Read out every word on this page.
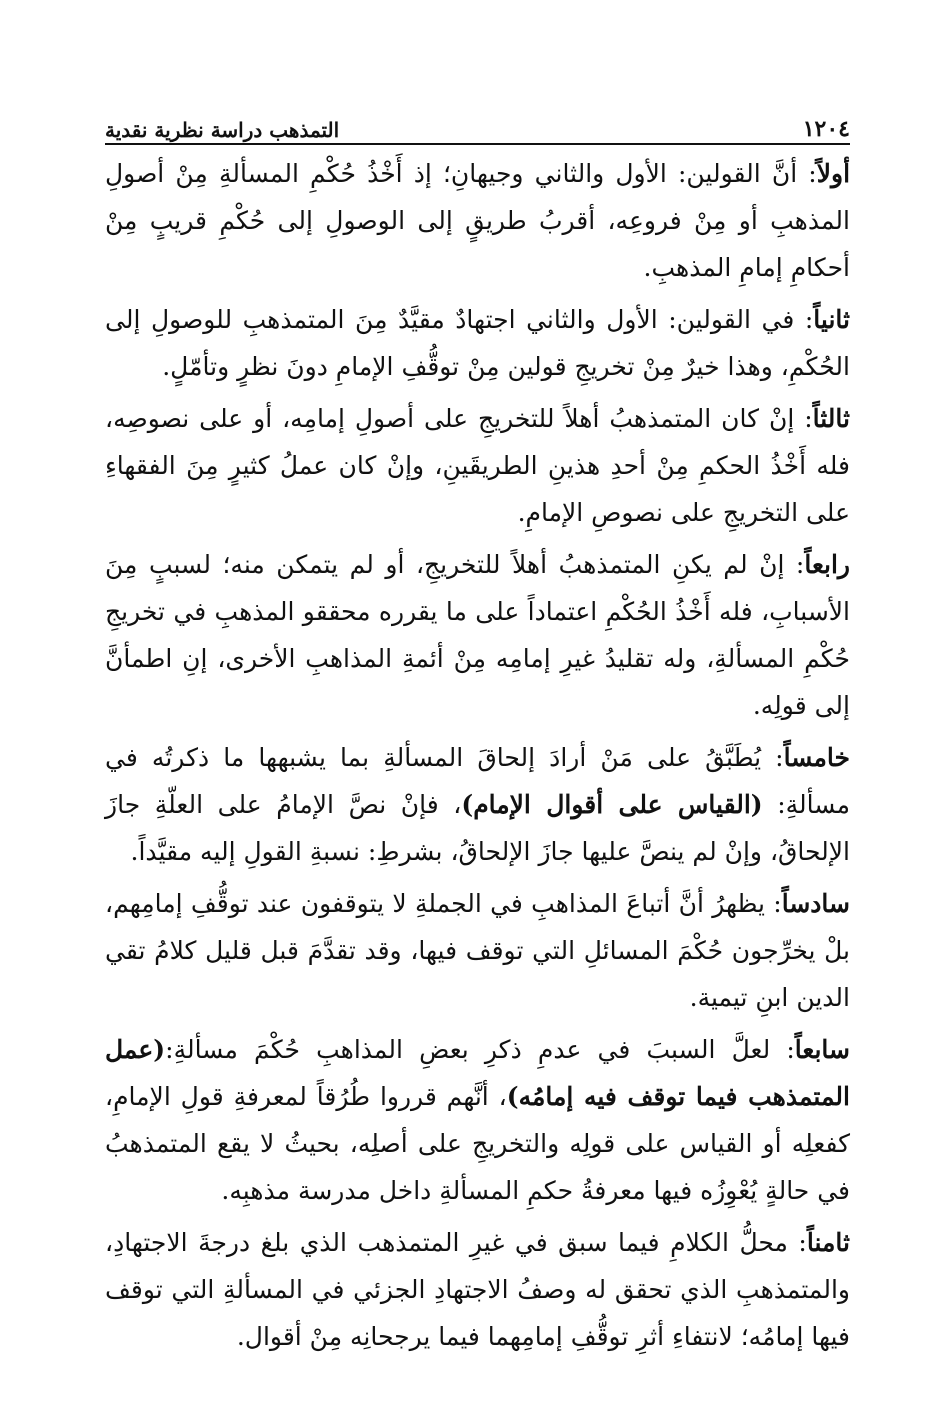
١٢٠٤
التمذهب دراسة نظرية نقدية

أولاً: أنَّ القولين: الأول والثاني وجيهانِ؛ إذ أَخْذُ حُكْمِ المسألةِ مِنْ أصولِ المذهبِ أو مِنْ فروعِه، أقربُ طريقٍ إلى الوصولِ إلى حُكْمِ قريبٍ مِنْ أحكامِ إمامِ المذهبِ.

ثانياً: في القولين: الأول والثاني اجتهادٌ مقيَّدٌ مِنَ المتمذهبِ للوصولِ إلى الحُكْمِ، وهذا خيرٌ مِنْ تخريجِ قولين مِنْ توقُّفِ الإمامِ دونَ نظرٍ وتأمّلٍ.

ثالثاً: إنْ كان المتمذهبُ أهلاً للتخريجِ على أصولِ إمامِه، أو على نصوصِه، فله أَخْذُ الحكمِ مِنْ أحدِ هذينِ الطريقَينِ، وإنْ كان عملُ كثيرٍ مِنَ الفقهاءِ على التخريجِ على نصوصِ الإمامِ.

رابعاً: إنْ لم يكنِ المتمذهبُ أهلاً للتخريجِ، أو لم يتمكن منه؛ لسببٍ مِنَ الأسبابِ، فله أَخْذُ الحُكْمِ اعتماداً على ما يقرره محققو المذهبِ في تخريجِ حُكْمِ المسألةِ، وله تقليدُ غيرِ إمامِه مِنْ أئمةِ المذاهبِ الأخرى، إنِ اطمأنَّ إلى قولِه.

خامساً: يُطَبَّقُ على مَنْ أرادَ إلحاقَ المسألةِ بما يشبهها ما ذكرتُه في مسألةِ: (القياس على أقوال الإمام)، فإنْ نصَّ الإمامُ على العلّةِ جازَ الإلحاقُ، وإنْ لم ينصَّ عليها جازَ الإلحاقُ، بشرطِ: نسبةِ القولِ إليه مقيَّداً.

سادساً: يظهرُ أنَّ أتباعَ المذاهبِ في الجملةِ لا يتوقفون عند توقُّفِ إمامِهم، بلْ يخرِّجون حُكْمَ المسائلِ التي توقف فيها، وقد تقدَّمَ قبل قليل كلامُ تقي الدين ابنِ تيمية.

سابعاً: لعلَّ السببَ في عدمِ ذكرِ بعضِ المذاهبِ حُكْمَ مسألةِ:(عمل المتمذهب فيما توقف فيه إمامُه)، أنَّهم قرروا طُرُقاً لمعرفةِ قولِ الإمامِ، كفعلِه أو القياس على قولِه والتخريجِ على أصلِه، بحيثُ لا يقع المتمذهبُ في حالةٍ يُعْوِزُه فيها معرفةُ حكمِ المسألةِ داخل مدرسة مذهبِه.

ثامناً: محلُّ الكلامِ فيما سبق في غيرِ المتمذهب الذي بلغ درجةَ الاجتهادِ، والمتمذهبِ الذي تحقق له وصفُ الاجتهادِ الجزئي في المسألةِ التي توقف فيها إمامُه؛ لانتفاءِ أثرِ توقُّفِ إمامِهما فيما يرجحانِه مِنْ أقوال.
